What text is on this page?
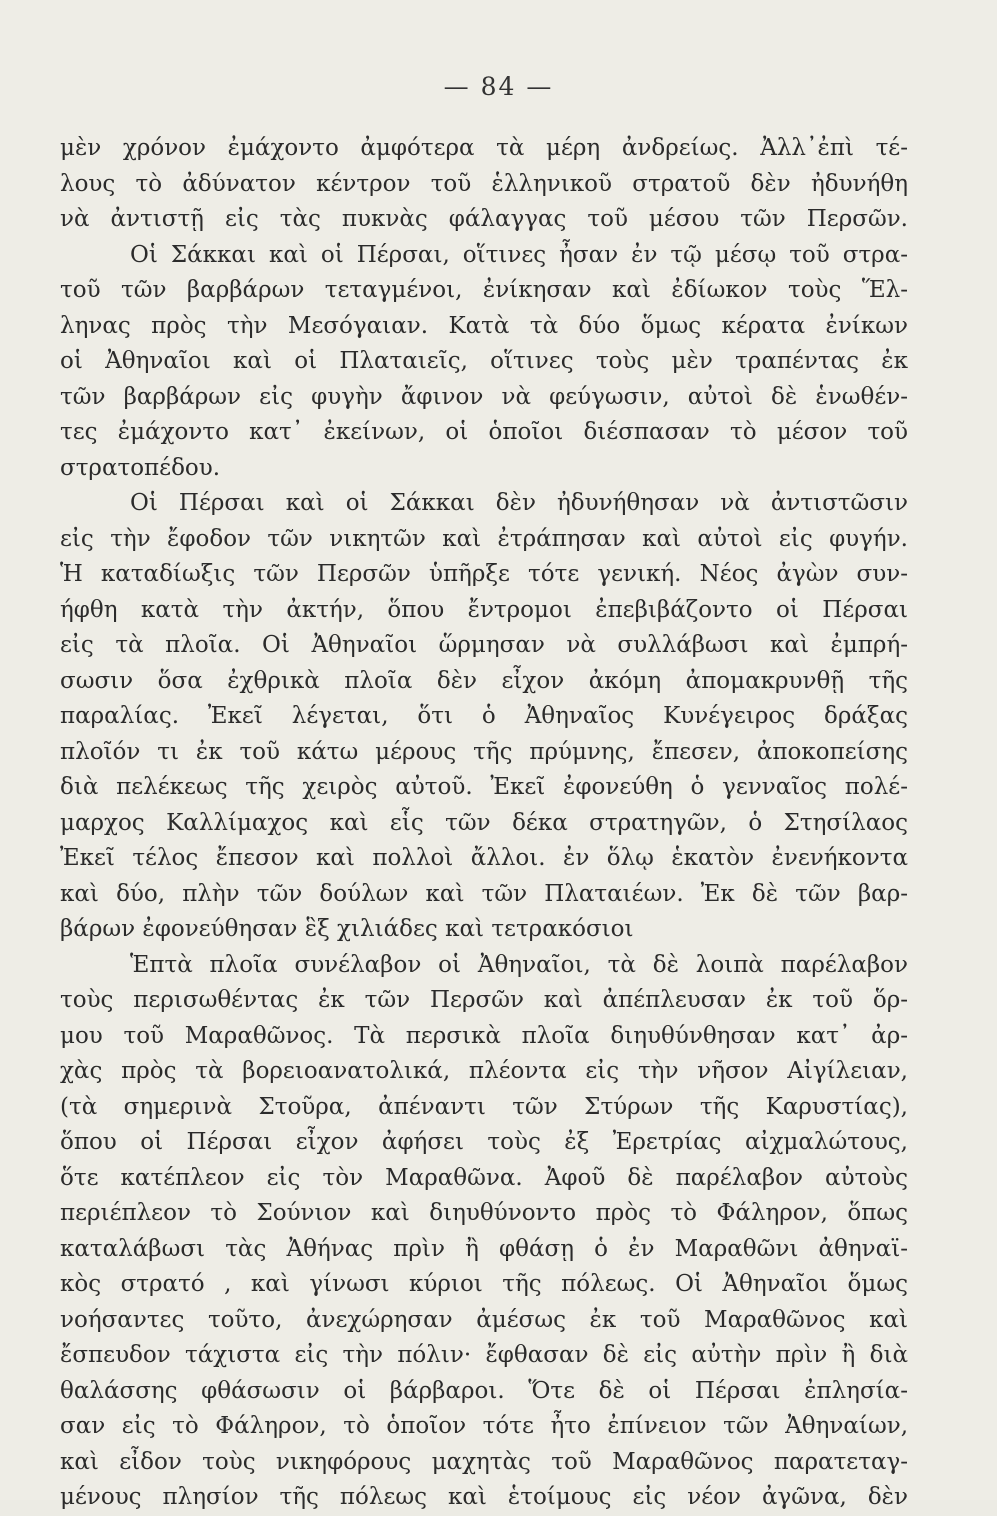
— 84 —
μὲν χρόνον ἐμάχοντο ἀμφότερα τὰ μέρη ἀνδρείως. Ἀλλ᾽ἐπὶ τέ-
λους τὸ ἀδύνατον κέντρον τοῦ ἑλληνικοῦ στρατοῦ δὲν ἠδυνήθη
νὰ ἀντιστῇ εἰς τὰς πυκνὰς φάλαγγας τοῦ μέσου τῶν Περσῶν.
Οἱ Σάκκαι καὶ οἱ Πέρσαι, οἵτινες ἦσαν ἐν τῷ μέσῳ τοῦ στρα-
τοῦ τῶν βαρβάρων τεταγμένοι, ἐνίκησαν καὶ ἐδίωκον τοὺς Ἕλ-
ληνας πρὸς τὴν Μεσόγαιαν. Κατὰ τὰ δύο ὅμως κέρατα ἐνίκων
οἱ Ἀθηναῖοι καὶ οἱ Πλαταιεῖς, οἵτινες τοὺς μὲν τραπέντας ἐκ
τῶν βαρβάρων εἰς φυγὴν ἄφινον νὰ φεύγωσιν, αὐτοὶ δὲ ἑνωθέν-
τες ἐμάχοντο κατ᾽ ἐκείνων, οἱ ὁποῖοι διέσπασαν τὸ μέσον τοῦ
στρατοπέδου.
Οἱ Πέρσαι καὶ οἱ Σάκκαι δὲν ἠδυνήθησαν νὰ ἀντιστῶσιν
εἰς τὴν ἔφοδον τῶν νικητῶν καὶ ἐτράπησαν καὶ αὐτοὶ εἰς φυγήν.
Ἡ καταδίωξις τῶν Περσῶν ὑπῆρξε τότε γενική. Νέος ἀγὼν συν-
ήφθη κατὰ τὴν ἀκτήν, ὅπου ἔντρομοι ἐπεβιβάζοντο οἱ Πέρσαι
εἰς τὰ πλοῖα. Οἱ Ἀθηναῖοι ὥρμησαν νὰ συλλάβωσι καὶ ἐμπρή-
σωσιν ὅσα ἐχθρικὰ πλοῖα δὲν εἶχον ἀκόμη ἀπομακρυνθῇ τῆς
παραλίας. Ἐκεῖ λέγεται, ὅτι ὁ Ἀθηναῖος Κυνέγειρος δράξας
πλοῖόν τι ἐκ τοῦ κάτω μέρους τῆς πρύμνης, ἔπεσεν, ἀποκοπείσης
διὰ πελέκεως τῆς χειρὸς αὐτοῦ. Ἐκεῖ ἐφονεύθη ὁ γενναῖος πολέ-
μαρχος Καλλίμαχος καὶ εἷς τῶν δέκα στρατηγῶν, ὁ Στησίλαος
Ἐκεῖ τέλος ἔπεσον καὶ πολλοὶ ἄλλοι. ἐν ὅλῳ ἑκατὸν ἐνενήκοντα
καὶ δύο, πλὴν τῶν δούλων καὶ τῶν Πλαταιέων. Ἐκ δὲ τῶν βαρ-
βάρων ἐφονεύθησαν ἓξ χιλιάδες καὶ τετρακόσιοι
Ἑπτὰ πλοῖα συνέλαβον οἱ Ἀθηναῖοι, τὰ δὲ λοιπὰ παρέλαβον
τοὺς περισωθέντας ἐκ τῶν Περσῶν καὶ ἀπέπλευσαν ἐκ τοῦ ὅρ-
μου τοῦ Μαραθῶνος. Τὰ περσικὰ πλοῖα διηυθύνθησαν κατ᾽ ἀρ-
χὰς πρὸς τὰ βορειοανατολικά, πλέοντα εἰς τὴν νῆσον Αἰγίλειαν,
(τὰ σημερινὰ Στοῦρα, ἀπέναντι τῶν Στύρων τῆς Καρυστίας),
ὅπου οἱ Πέρσαι εἶχον ἀφήσει τοὺς ἐξ Ἐρετρίας αἰχμαλώτους,
ὅτε κατέπλεον εἰς τὸν Μαραθῶνα. Ἀφοῦ δὲ παρέλαβον αὐτοὺς
περιέπλεον τὸ Σούνιον καὶ διηυθύνοντο πρὸς τὸ Φάληρον, ὅπως
καταλάβωσι τὰς Ἀθήνας πρὶν ἢ φθάσῃ ὁ ἐν Μαραθῶνι ἀθηναϊ-
κὸς στρατό , καὶ γίνωσι κύριοι τῆς πόλεως. Οἱ Ἀθηναῖοι ὅμως
νοήσαντες τοῦτο, ἀνεχώρησαν ἀμέσως ἐκ τοῦ Μαραθῶνος καὶ
ἔσπευδον τάχιστα εἰς τὴν πόλιν· ἔφθασαν δὲ εἰς αὐτὴν πρὶν ἢ διὰ
θαλάσσης φθάσωσιν οἱ βάρβαροι. Ὅτε δὲ οἱ Πέρσαι ἐπλησία-
σαν εἰς τὸ Φάληρον, τὸ ὁποῖον τότε ἦτο ἐπίνειον τῶν Ἀθηναίων,
καὶ εἶδον τοὺς νικηφόρους μαχητὰς τοῦ Μαραθῶνος παρατεταγ-
μένους πλησίον τῆς πόλεως καὶ ἑτοίμους εἰς νέον ἀγῶνα, δὲν
